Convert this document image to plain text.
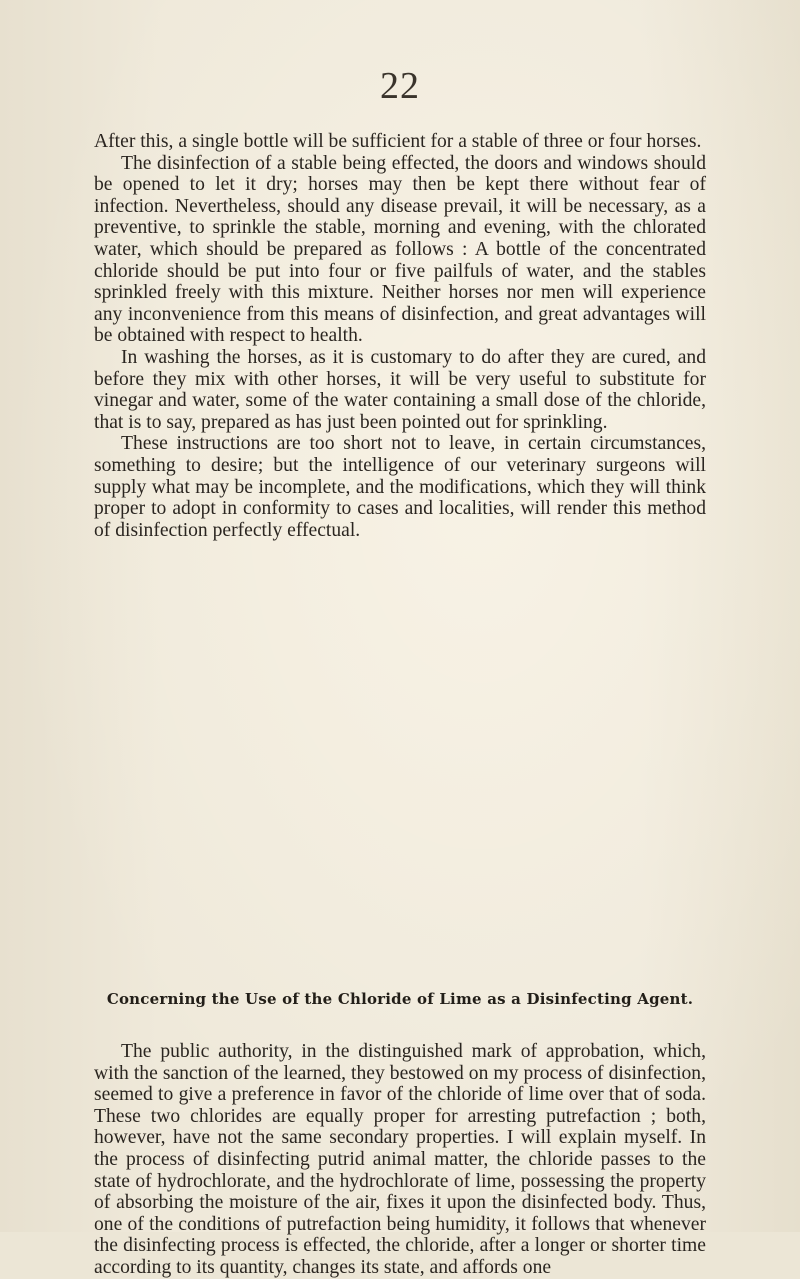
22

After this, a single bottle will be sufficient for a stable of three or four horses.

The disinfection of a stable being effected, the doors and windows should be opened to let it dry; horses may then be kept there without fear of infection. Nevertheless, should any disease prevail, it will be necessary, as a preventive, to sprinkle the stable, morning and evening, with the chlorated water, which should be prepared as follows : A bottle of the concentrated chloride should be put into four or five pailfuls of water, and the stables sprinkled freely with this mixture. Neither horses nor men will experience any inconvenience from this means of disinfection, and great advantages will be obtained with respect to health.

In washing the horses, as it is customary to do after they are cured, and before they mix with other horses, it will be very useful to substitute for vinegar and water, some of the water containing a small dose of the chloride, that is to say, prepared as has just been pointed out for sprinkling.

These instructions are too short not to leave, in certain circumstances, something to desire; but the intelligence of our veterinary surgeons will supply what may be incomplete, and the modifications, which they will think proper to adopt in conformity to cases and localities, will render this method of disinfection perfectly effectual.

Concerning the Use of the Chloride of Lime as a Disinfecting Agent.

The public authority, in the distinguished mark of approbation, which, with the sanction of the learned, they bestowed on my process of disinfection, seemed to give a preference in favor of the chloride of lime over that of soda. These two chlorides are equally proper for arresting putrefaction ; both, however, have not the same secondary properties. I will explain myself. In the process of disinfecting putrid animal matter, the chloride passes to the state of hydrochlorate, and the hydrochlorate of lime, possessing the property of absorbing the moisture of the air, fixes it upon the disinfected body. Thus, one of the conditions of putrefaction being humidity, it follows that whenever the disinfecting process is effected, the chloride, after a longer or shorter time according to its quantity, changes its state, and affords one
